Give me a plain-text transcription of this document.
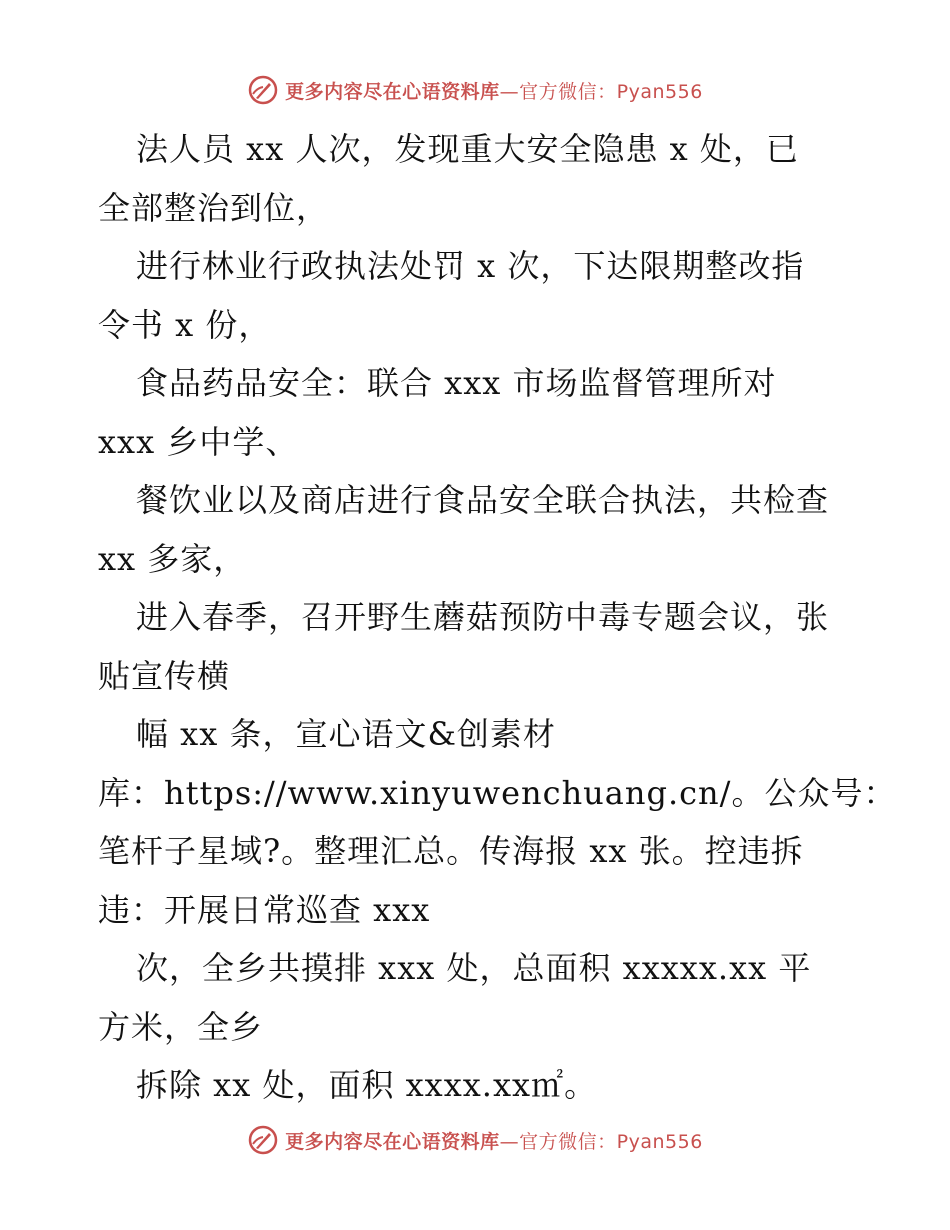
更多内容尽在心语资料库—官方微信：Pyan556
法人员 xx 人次，发现重大安全隐患 x 处，已
全部整治到位，
进行林业行政执法处罚 x 次，下达限期整改指
令书 x 份，
食品药品安全：联合 xxx 市场监督管理所对
xxx 乡中学、
餐饮业以及商店进行食品安全联合执法，共检查
xx 多家，
进入春季，召开野生蘑菇预防中毒专题会议，张
贴宣传横
幅 xx 条，宣心语文&创素材
库：https://www.xinyuwenchuang.cn/。公众号：
笔杆子星域?。整理汇总。传海报 xx 张。控违拆
违：开展日常巡查 xxx
次，全乡共摸排 xxx 处，总面积 xxxxx.xx 平
方米，全乡
拆除 xx 处，面积 xxxx.xx㎡。
更多内容尽在心语资料库—官方微信：Pyan556
